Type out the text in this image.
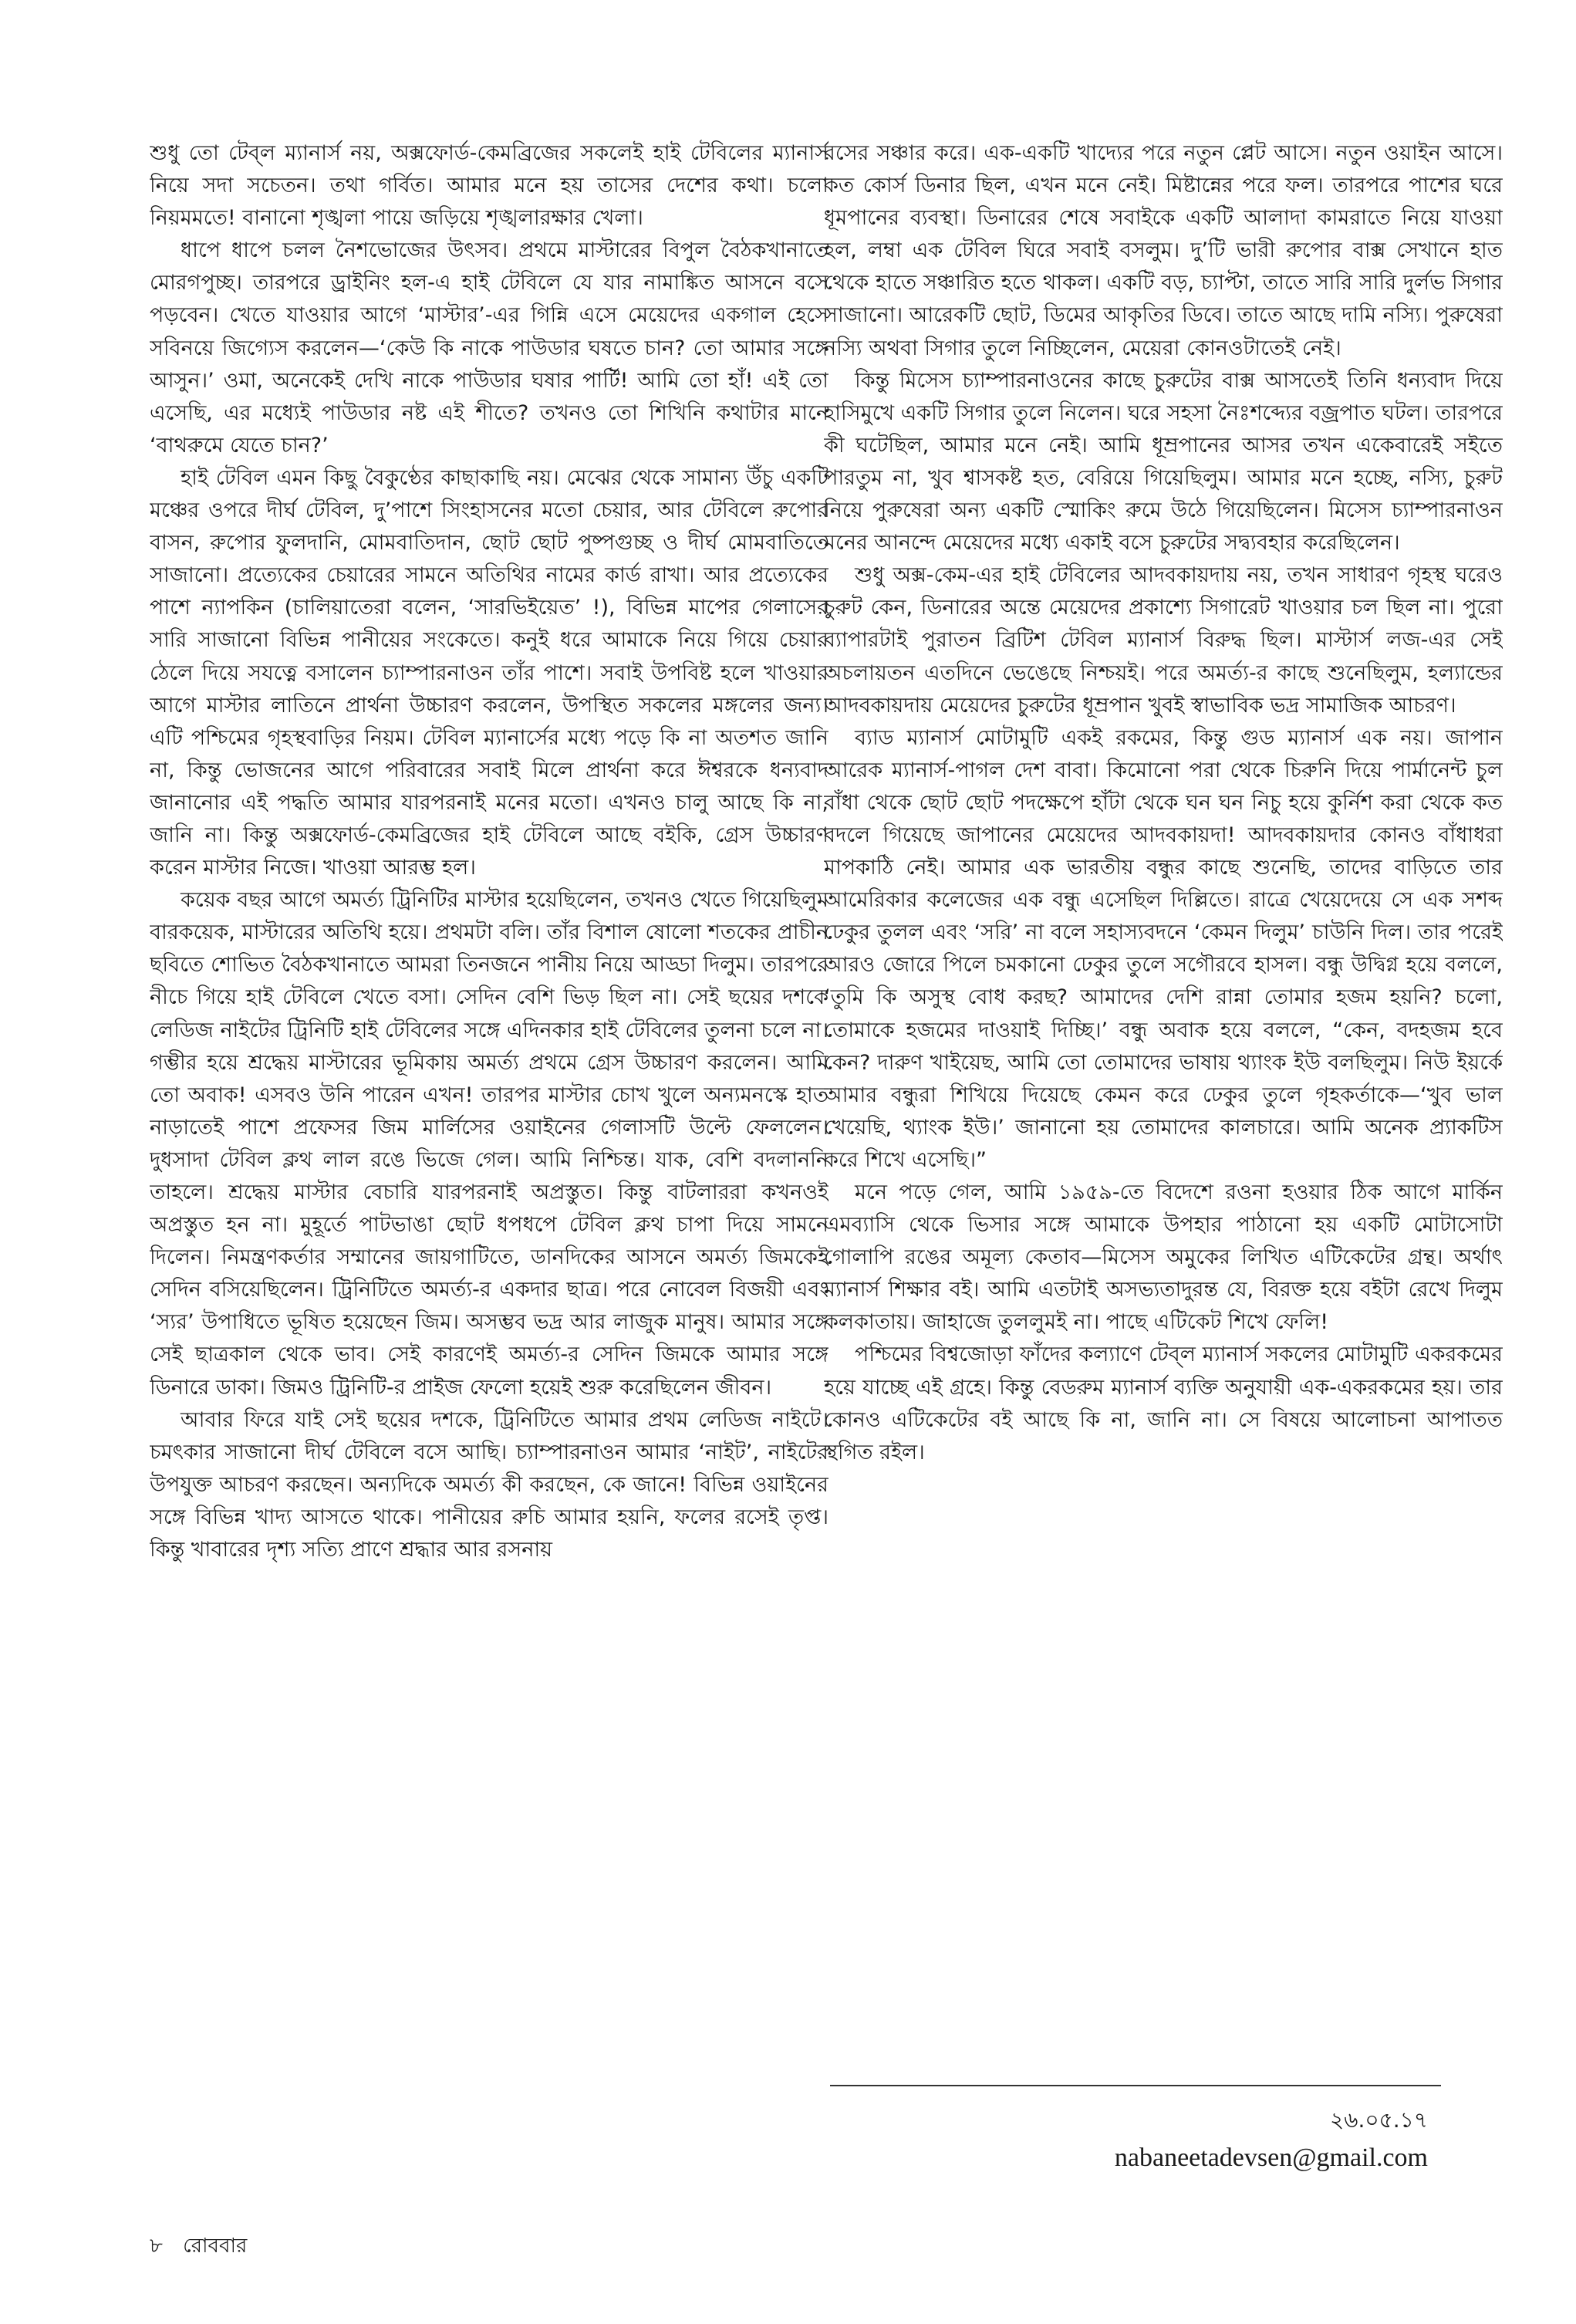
শুধু তো টেব্‌ল ম্যানার্স নয়, অক্সফোর্ড-কেমব্রিজের সকলেই হাই টেবিলের ম্যানার্স নিয়ে সদা সচেতন। তথা গর্বিত। আমার মনে হয় তাসের দেশের কথা। চলো নিয়মমতে! বানানো শৃঙ্খলা পায়ে জড়িয়ে শৃঙ্খলারক্ষার খেলা।

ধাপে ধাপে চলল নৈশভোজের উৎসব। প্রথমে মাস্টারের বিপুল বৈঠকখানাতে মোরগপুচ্ছ। তারপরে ড্রাইনিং হল-এ হাই টেবিলে যে যার নামাঙ্কিত আসনে বসে পড়বেন। খেতে যাওয়ার আগে ‘মাস্টার’-এর গিন্নি এসে মেয়েদের একগাল হেসে সবিনয়ে জিগ্যেস করলেন—‘কেউ কি নাকে পাউডার ঘষতে চান? তো আমার সঙ্গে আসুন।’ ওমা, অনেকেই দেখি নাকে পাউডার ঘষার পার্টি! আমি তো হাঁ! এই তো এসেছি, এর মধ্যেই পাউডার নষ্ট এই শীতে? তখনও তো শিখিনি কথাটার মানে ‘বাথরুমে যেতে চান?’

হাই টেবিল এমন কিছু বৈকুণ্ঠের কাছাকাছি নয়। মেঝের থেকে সামান্য উঁচু একটি মঞ্চের ওপরে দীর্ঘ টেবিল, দু’পাশে সিংহাসনের মতো চেয়ার, আর টেবিলে রুপোর বাসন, রুপোর ফুলদানি, মোমবাতিদান, ছোট ছোট পুষ্পগুচ্ছ ও দীর্ঘ মোমবাতিতে সাজানো। প্রত্যেকের চেয়ারের সামনে অতিথির নামের কার্ড রাখা। আর প্রত্যেকের পাশে ন্যাপকিন (চালিয়াতেরা বলেন, ‘সারভিইয়েত’ !), বিভিন্ন মাপের গেলাসের সারি সাজানো বিভিন্ন পানীয়ের সংকেতে। কনুই ধরে আমাকে নিয়ে গিয়ে চেয়ার ঠেলে দিয়ে সযত্নে বসালেন চ্যাম্পারনাওন তাঁর পাশে। সবাই উপবিষ্ট হলে খাওয়ার আগে মাস্টার লাতিনে প্রার্থনা উচ্চারণ করলেন, উপস্থিত সকলের মঙ্গলের জন্য। এটি পশ্চিমের গৃহস্থবাড়ির নিয়ম। টেবিল ম্যানার্সের মধ্যে পড়ে কি না অতশত জানি না, কিন্তু ভোজনের আগে পরিবারের সবাই মিলে প্রার্থনা করে ঈশ্বরকে ধন্যবাদ জানানোর এই পদ্ধতি আমার যারপরনাই মনের মতো। এখনও চালু আছে কি না, জানি না। কিন্তু অক্সফোর্ড-কেমব্রিজের হাই টেবিলে আছে বইকি, গ্রেস উচ্চারণ করেন মাস্টার নিজে। খাওয়া আরম্ভ হল।

কয়েক বছর আগে অমর্ত্য ট্রিনিটির মাস্টার হয়েছিলেন, তখনও খেতে গিয়েছিলুম বারকয়েক, মাস্টারের অতিথি হয়ে। প্রথমটা বলি। তাঁর বিশাল ষোলো শতকের প্রাচীন ছবিতে শোভিত বৈঠকখানাতে আমরা তিনজনে পানীয় নিয়ে আড্ডা দিলুম। তারপরে নীচে গিয়ে হাই টেবিলে খেতে বসা। সেদিন বেশি ভিড় ছিল না। সেই ছয়ের দশকে লেডিজ নাইটের ট্রিনিটি হাই টেবিলের সঙ্গে এদিনকার হাই টেবিলের তুলনা চলে না। গম্ভীর হয়ে শ্রদ্ধেয় মাস্টারের ভূমিকায় অমর্ত্য প্রথমে গ্রেস উচ্চারণ করলেন। আমি তো অবাক! এসবও উনি পারেন এখন! তারপর মাস্টার চোখ খুলে অন্যমনস্কে হাত নাড়াতেই পাশে প্রফেসর জিম মার্লিসের ওয়াইনের গেলাসটি উল্টে ফেললেন। দুধসাদা টেবিল ক্লথ লাল রঙে ভিজে গেল। আমি নিশ্চিন্ত। যাক, বেশি বদলাননি তাহলে। শ্রদ্ধেয় মাস্টার বেচারি যারপরনাই অপ্রস্তুত। কিন্তু বাটলাররা কখনওই অপ্রস্তুত হন না। মুহূর্তে পাটভাঙা ছোট ধপধপে টেবিল ক্লথ চাপা দিয়ে সামনে দিলেন। নিমন্ত্রণকর্তার সম্মানের জায়গাটিতে, ডানদিকের আসনে অমর্ত্য জিমকেই সেদিন বসিয়েছিলেন। ট্রিনিটিতে অমর্ত্য-র একদার ছাত্র। পরে নোবেল বিজয়ী এবং ‘স্যর’ উপাধিতে ভূষিত হয়েছেন জিম। অসম্ভব ভদ্র আর লাজুক মানুষ। আমার সঙ্গে সেই ছাত্রকাল থেকে ভাব। সেই কারণেই অমর্ত্য-র সেদিন জিমকে আমার সঙ্গে ডিনারে ডাকা। জিমও ট্রিনিটি-র প্রাইজ ফেলো হয়েই শুরু করেছিলেন জীবন।

আবার ফিরে যাই সেই ছয়ের দশকে, ট্রিনিটিতে আমার প্রথম লেডিজ নাইটে। চমৎকার সাজানো দীর্ঘ টেবিলে বসে আছি। চ্যাম্পারনাওন আমার ‘নাইট’, নাইটের উপযুক্ত আচরণ করছেন। অন্যদিকে অমর্ত্য কী করছেন, কে জানে! বিভিন্ন ওয়াইনের সঙ্গে বিভিন্ন খাদ্য আসতে থাকে। পানীয়ের রুচি আমার হয়নি, ফলের রসেই তৃপ্ত। কিন্তু খাবারের দৃশ্য সত্যি প্রাণে শ্রদ্ধার আর রসনায়

রসের সঞ্চার করে। এক-একটি খাদ্যের পরে নতুন প্লেট আসে। নতুন ওয়াইন আসে। কত কোর্স ডিনার ছিল, এখন মনে নেই। মিষ্টান্নের পরে ফল। তারপরে পাশের ঘরে ধূমপানের ব্যবস্থা। ডিনারের শেষে সবাইকে একটি আলাদা কামরাতে নিয়ে যাওয়া হল, লম্বা এক টেবিল ঘিরে সবাই বসলুম। দু’টি ভারী রুপোর বাক্স সেখানে হাত থেকে হাতে সঞ্চারিত হতে থাকল। একটি বড়, চ্যাপ্টা, তাতে সারি সারি দুর্লভ সিগার সাজানো। আরেকটি ছোট, ডিমের আকৃতির ডিবে। তাতে আছে দামি নস্যি। পুরুষেরা নস্যি অথবা সিগার তুলে নিচ্ছিলেন, মেয়েরা কোনওটাতেই নেই।

কিন্তু মিসেস চ্যাম্পারনাওনের কাছে চুরুটের বাক্স আসতেই তিনি ধন্যবাদ দিয়ে হাসিমুখে একটি সিগার তুলে নিলেন। ঘরে সহসা নৈঃশব্দ্যের বজ্রপাত ঘটল। তারপরে কী ঘটেছিল, আমার মনে নেই। আমি ধূম্রপানের আসর তখন একেবারেই সইতে পারতুম না, খুব শ্বাসকষ্ট হত, বেরিয়ে গিয়েছিলুম। আমার মনে হচ্ছে, নস্যি, চুরুট নিয়ে পুরুষেরা অন্য একটি স্মোকিং রুমে উঠে গিয়েছিলেন। মিসেস চ্যাম্পারনাওন মনের আনন্দে মেয়েদের মধ্যে একাই বসে চুরুটের সদ্ব্যবহার করেছিলেন।

শুধু অক্স-কেম-এর হাই টেবিলের আদবকায়দায় নয়, তখন সাধারণ গৃহস্থ ঘরেও চুরুট কেন, ডিনারের অন্তে মেয়েদের প্রকাশ্যে সিগারেট খাওয়ার চল ছিল না। পুরো ব্যাপারটাই পুরাতন ব্রিটিশ টেবিল ম্যানার্স বিরুদ্ধ ছিল। মাস্টার্স লজ-এর সেই অচলায়তন এতদিনে ভেঙেছে নিশ্চয়ই। পরে অমর্ত্য-র কাছে শুনেছিলুম, হল্যান্ডের আদবকায়দায় মেয়েদের চুরুটের ধূম্রপান খুবই স্বাভাবিক ভদ্র সামাজিক আচরণ।

ব্যাড ম্যানার্স মোটামুটি একই রকমের, কিন্তু গুড ম্যানার্স এক নয়। জাপান আরেক ম্যানার্স-পাগল দেশ বাবা। কিমোনো পরা থেকে চিরুনি দিয়ে পার্মানেন্ট চুল বাঁধা থেকে ছোট ছোট পদক্ষেপে হাঁটা থেকে ঘন ঘন নিচু হয়ে কুর্নিশ করা থেকে কত বদলে গিয়েছে জাপানের মেয়েদের আদবকায়দা! আদবকায়দার কোনও বাঁধাধরা মাপকাঠি নেই। আমার এক ভারতীয় বন্ধুর কাছে শুনেছি, তাদের বাড়িতে তার আমেরিকার কলেজের এক বন্ধু এসেছিল দিল্লিতে। রাত্রে খেয়েদেয়ে সে এক সশব্দ ঢেকুর তুলল এবং ‘সরি’ না বলে সহাস্যবদনে ‘কেমন দিলুম’ চাউনি দিল। তার পরেই আরও জোরে পিলে চমকানো ঢেকুর তুলে সগৌরবে হাসল। বন্ধু উদ্বিগ্ন হয়ে বললে, ‘তুমি কি অসুস্থ বোধ করছ? আমাদের দেশি রান্না তোমার হজম হয়নি? চলো, তোমাকে হজমের দাওয়াই দিচ্ছি।’ বন্ধু অবাক হয়ে বললে, “কেন, বদহজম হবে কেন? দারুণ খাইয়েছ, আমি তো তোমাদের ভাষায় থ্যাংক ইউ বলছিলুম। নিউ ইয়র্কে আমার বন্ধুরা শিখিয়ে দিয়েছে কেমন করে ঢেকুর তুলে গৃহকর্তাকে—‘খুব ভাল খেয়েছি, থ্যাংক ইউ।’ জানানো হয় তোমাদের কালচারে। আমি অনেক প্র্যাকটিস করে শিখে এসেছি।”

মনে পড়ে গেল, আমি ১৯৫৯-তে বিদেশে রওনা হওয়ার ঠিক আগে মার্কিন এমব্যাসি থেকে ভিসার সঙ্গে আমাকে উপহার পাঠানো হয় একটি মোটাসোটা গোলাপি রঙের অমূল্য কেতাব—মিসেস অমুকের লিখিত এটিকেটের গ্রন্থ। অর্থাৎ ম্যানার্স শিক্ষার বই। আমি এতটাই অসভ্যতাদুরন্ত যে, বিরক্ত হয়ে বইটা রেখে দিলুম কলকাতায়। জাহাজে তুললুমই না। পাছে এটিকেট শিখে ফেলি!

পশ্চিমের বিশ্বজোড়া ফাঁদের কল্যাণে টেব্‌ল ম্যানার্স সকলের মোটামুটি একরকমের হয়ে যাচ্ছে এই গ্রহে। কিন্তু বেডরুম ম্যানার্স ব্যক্তি অনুযায়ী এক-একরকমের হয়। তার কোনও এটিকেটের বই আছে কি না, জানি না। সে বিষয়ে আলোচনা আপাতত স্থগিত রইল।

২৬.০৫.১৭
nabaneetadevsen@gmail.com
৮ রোববার
